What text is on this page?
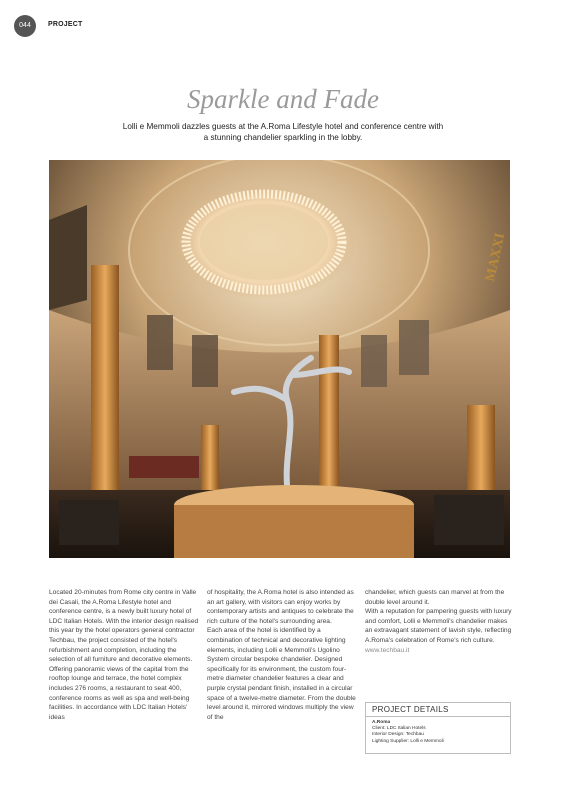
044	PROJECT
Sparkle and Fade
Lolli e Memmoli dazzles guests at the A.Roma Lifestyle hotel and conference centre with a stunning chandelier sparkling in the lobby.
MAXXI

Located 20-minutes from Rome city centre in Valle dei Casali, the A.Roma Lifestyle hotel and conference centre, is a newly built luxury hotel of LDC Italian Hotels. With the interior design realised this year by the hotel operators general contractor Techbau, the project consisted of the hotel's refurbishment and completion, including the selection of all furniture and decorative elements.

Offering panoramic views of the capital from the rooftop lounge and terrace, the hotel complex includes 276 rooms, a restaurant to seat 400, conference rooms as well as spa and well-being facilities. In accordance with LDC Italian Hotels' ideas

of hospitality, the A.Roma hotel is also intended as an art gallery, with visitors can enjoy works by contemporary artists and antiques to celebrate the rich culture of the hotel's surrounding area.

Each area of the hotel is identified by a combination of technical and decorative lighting elements, including Lolli e Memmoli's Ugolino System circular bespoke chandelier. Designed specifically for its environment, the custom four-metre diameter chandelier features a clear and purple crystal pendant finish, installed in a circular space of a twelve-metre diameter. From the double level around it, mirrored windows multiply the view of the

chandelier, which guests can marvel at from the double level around it.

With a reputation for pampering guests with luxury and comfort, Lolli e Memmoli's chandelier makes an extravagant statement of lavish style, reflecting A.Roma's celebration of Rome's rich culture.

www.techbau.it

PROJECT DETAILS
A.Roma
Client: LDC Italian Hotels
Interior Design: Techbau
Lighting Supplier: Lolli e Memmoli
